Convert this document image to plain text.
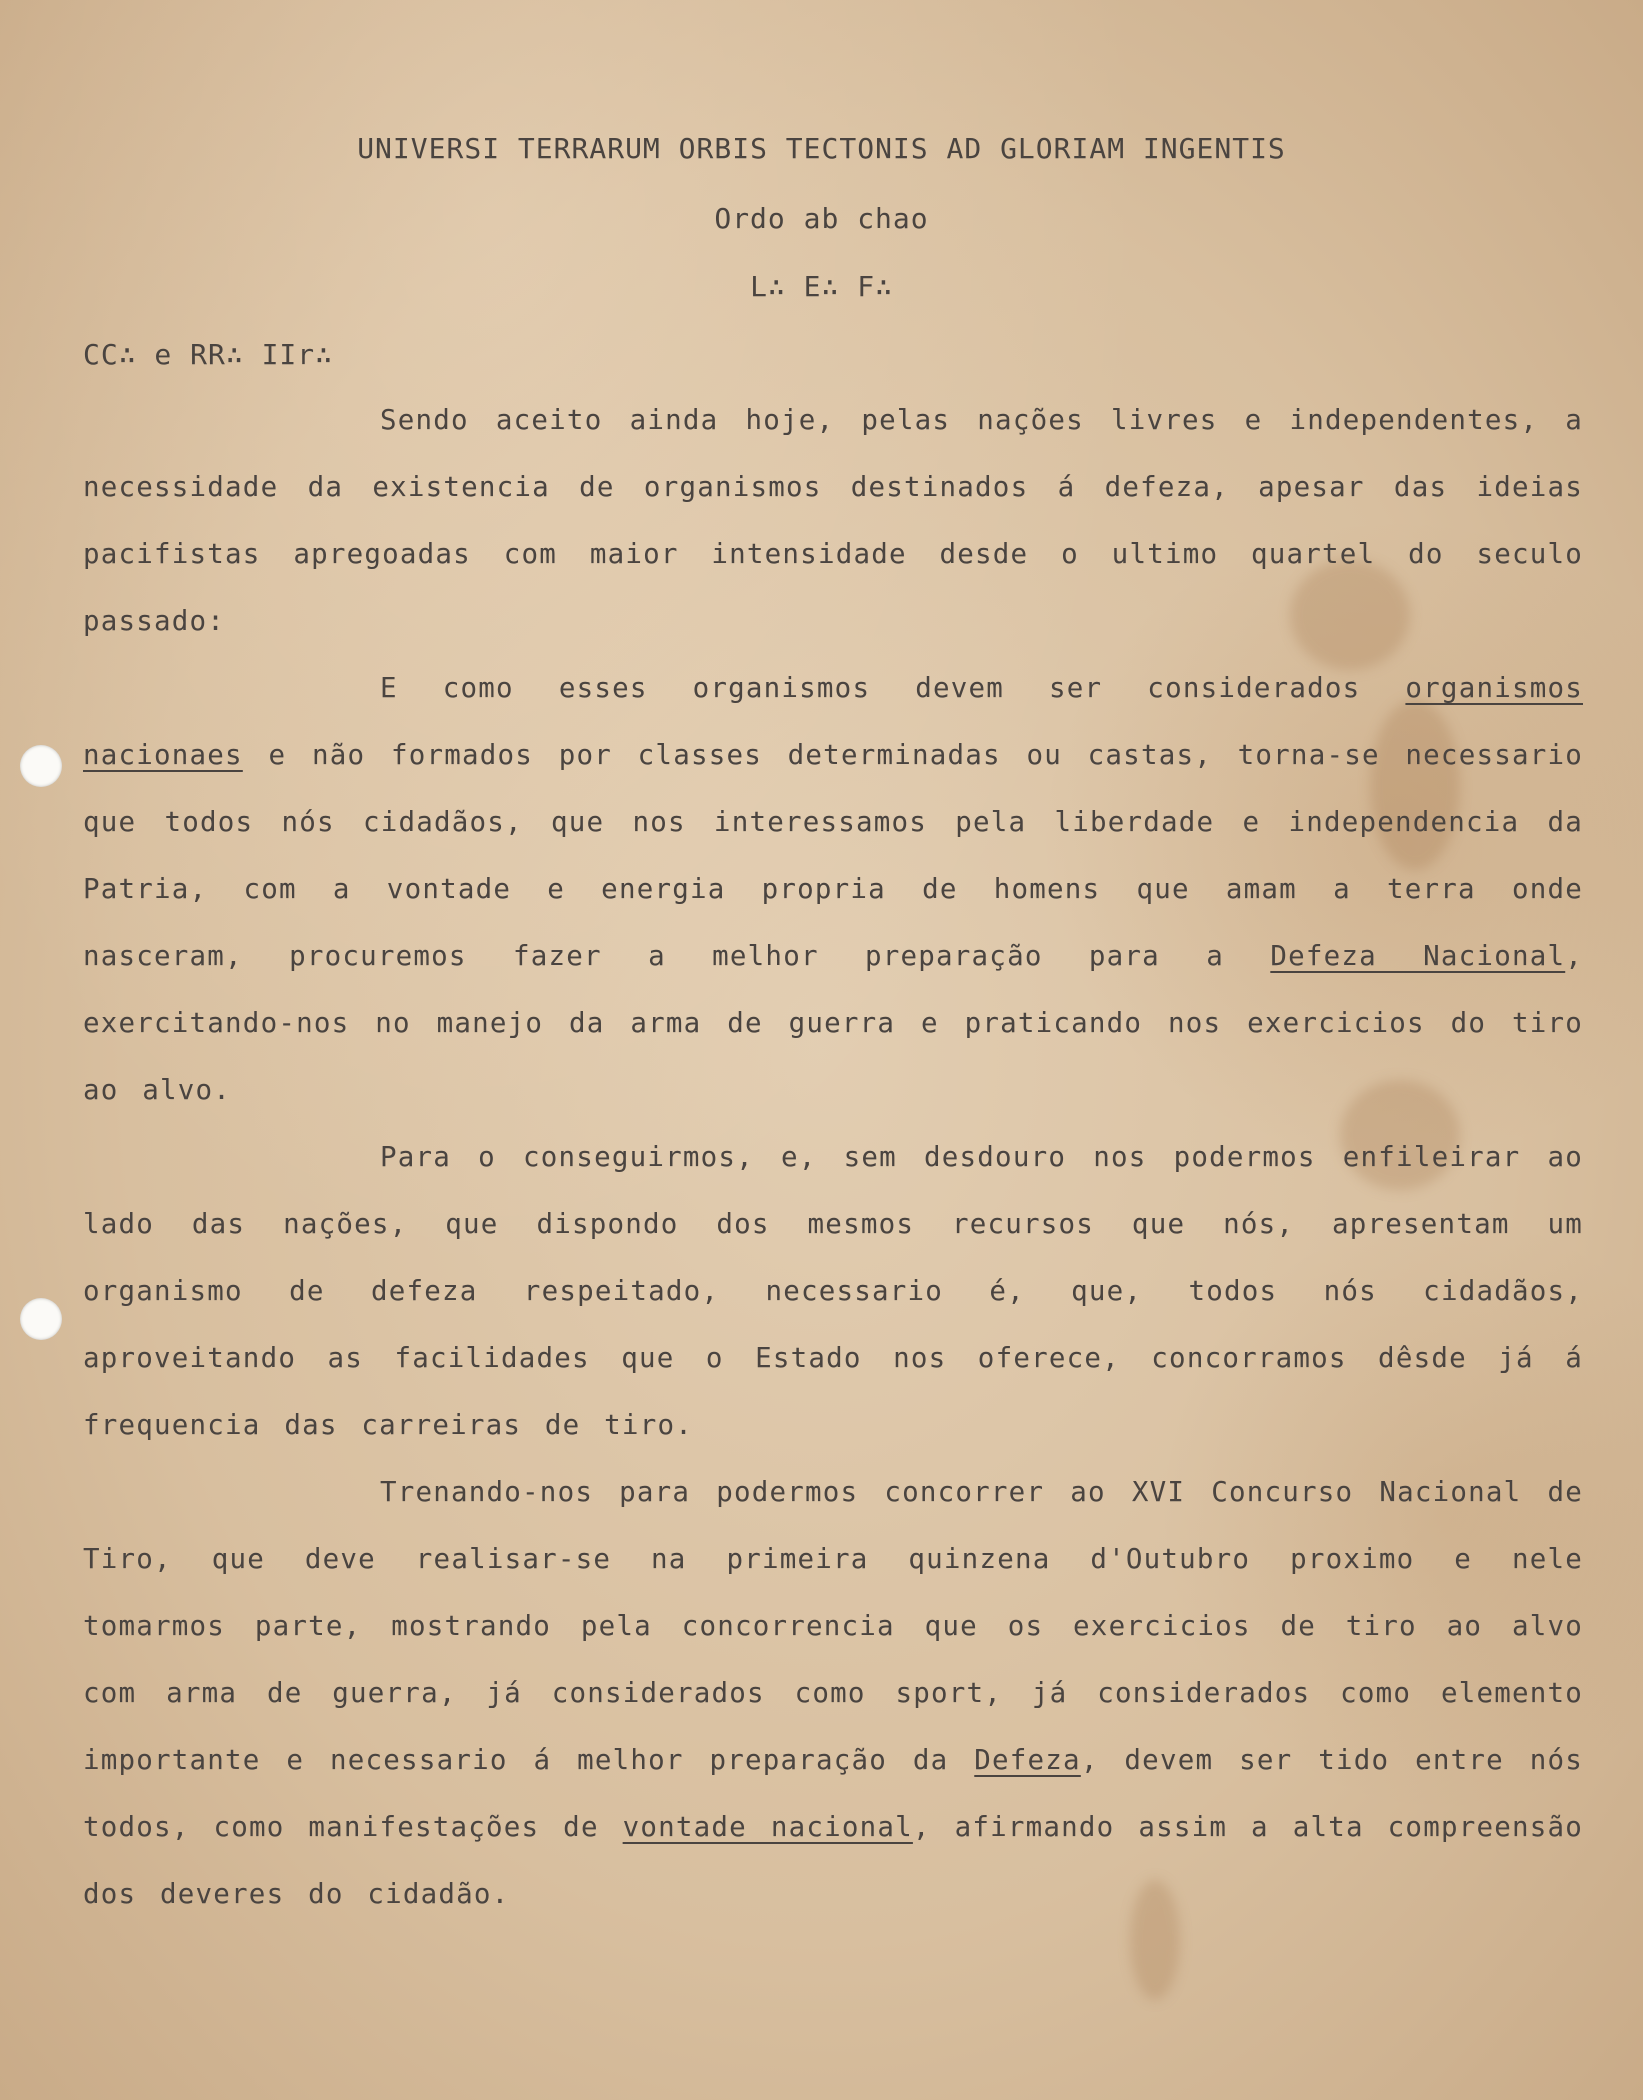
UNIVERSI TERRARUM ORBIS TECTONIS AD GLORIAM INGENTIS
Ordo ab chao
L∴ E∴ F∴
CC∴ e RR∴ IIr∴

Sendo aceito ainda hoje, pelas nações livres e independentes, a necessidade da existencia de organismos destinados á defeza, apesar das ideias pacifistas apregoadas com maior intensidade desde o ultimo quartel do seculo passado:

E como esses organismos devem ser considerados organismos nacionaes e não formados por classes determinadas ou castas, torna-se necessario que todos nós cidadãos, que nos interessamos pela liberdade e independencia da Patria, com a vontade e energia propria de homens que amam a terra onde nasceram, procuremos fazer a melhor preparação para a Defeza Nacional, exercitando-nos no manejo da arma de guerra e praticando nos exercicios do tiro ao alvo.

Para o conseguirmos, e, sem desdouro nos podermos enfileirar ao lado das nações, que dispondo dos mesmos recursos que nós, apresentam um organismo de defeza respeitado, necessario é, que, todos nós cidadãos, aproveitando as facilidades que o Estado nos oferece, concorramos dêsde já á frequencia das carreiras de tiro.

Trenando-nos para podermos concorrer ao XVI Concurso Nacional de Tiro, que deve realisar-se na primeira quinzena d'Outubro proximo e nele tomarmos parte, mostrando pela concorrencia que os exercicios de tiro ao alvo com arma de guerra, já considerados como sport, já considerados como elemento importante e necessario á melhor preparação da Defeza, devem ser tido entre nós todos, como manifestações de vontade nacional, afirmando assim a alta compreensão dos deveres do cidadão.
